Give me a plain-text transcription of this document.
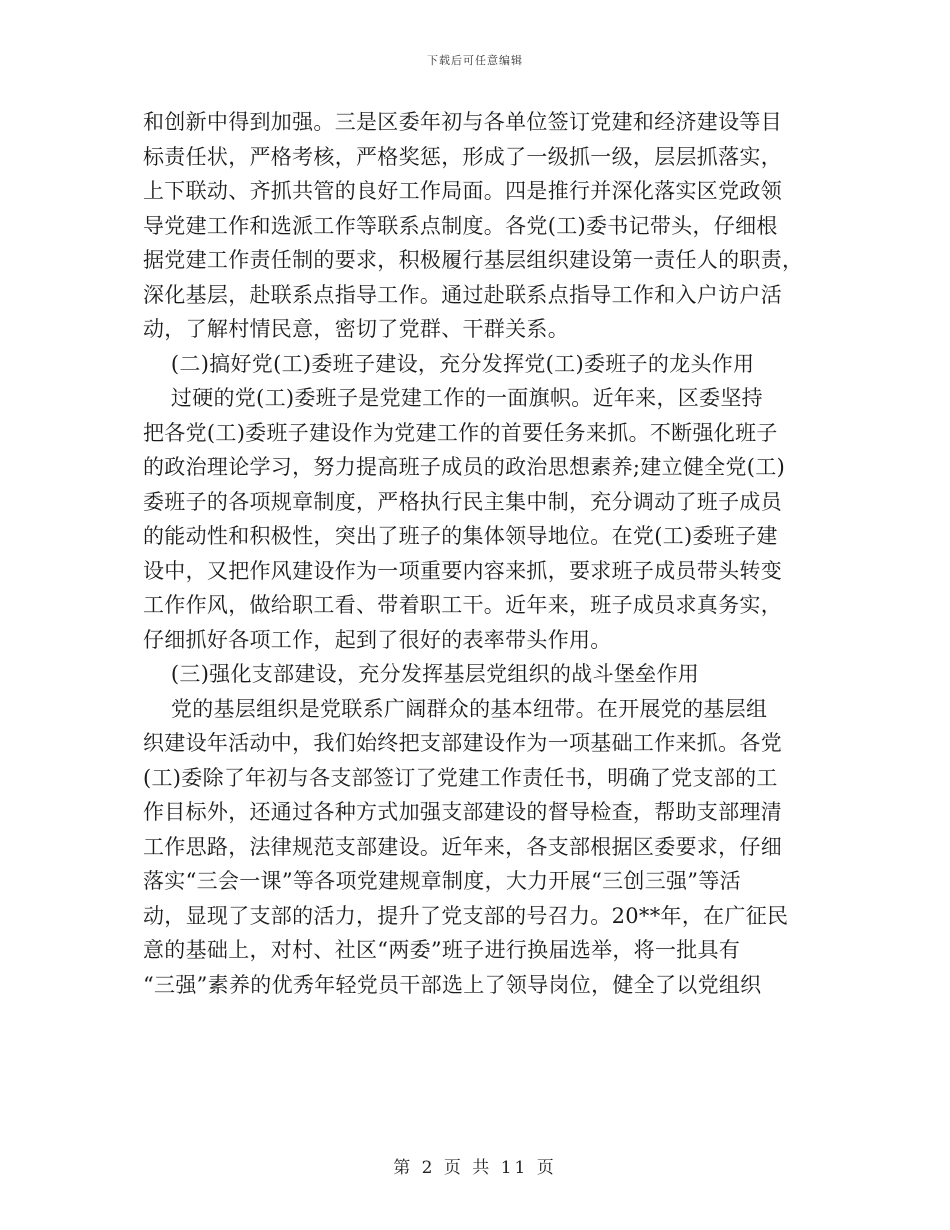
下载后可任意编辑
和创新中得到加强。三是区委年初与各单位签订党建和经济建设等目
标责任状，严格考核，严格奖惩，形成了一级抓一级，层层抓落实，
上下联动、齐抓共管的良好工作局面。四是推行并深化落实区党政领
导党建工作和选派工作等联系点制度。各党(工)委书记带头，仔细根
据党建工作责任制的要求，积极履行基层组织建设第一责任人的职责，
深化基层，赴联系点指导工作。通过赴联系点指导工作和入户访户活
动，了解村情民意，密切了党群、干群关系。
(二)搞好党(工)委班子建设，充分发挥党(工)委班子的龙头作用
过硬的党(工)委班子是党建工作的一面旗帜。近年来，区委坚持
把各党(工)委班子建设作为党建工作的首要任务来抓。不断强化班子
的政治理论学习，努力提高班子成员的政治思想素养;建立健全党(工)
委班子的各项规章制度，严格执行民主集中制，充分调动了班子成员
的能动性和积极性，突出了班子的集体领导地位。在党(工)委班子建
设中，又把作风建设作为一项重要内容来抓，要求班子成员带头转变
工作作风，做给职工看、带着职工干。近年来，班子成员求真务实，
仔细抓好各项工作，起到了很好的表率带头作用。
(三)强化支部建设，充分发挥基层党组织的战斗堡垒作用
党的基层组织是党联系广阔群众的基本纽带。在开展党的基层组
织建设年活动中，我们始终把支部建设作为一项基础工作来抓。各党
(工)委除了年初与各支部签订了党建工作责任书，明确了党支部的工
作目标外，还通过各种方式加强支部建设的督导检查，帮助支部理清
工作思路，法律规范支部建设。近年来，各支部根据区委要求，仔细
落实“三会一课”等各项党建规章制度，大力开展“三创三强”等活
动，显现了支部的活力，提升了党支部的号召力。20**年，在广征民
意的基础上，对村、社区“两委”班子进行换届选举，将一批具有
“三强”素养的优秀年轻党员干部选上了领导岗位，健全了以党组织
第 2 页 共 11 页
